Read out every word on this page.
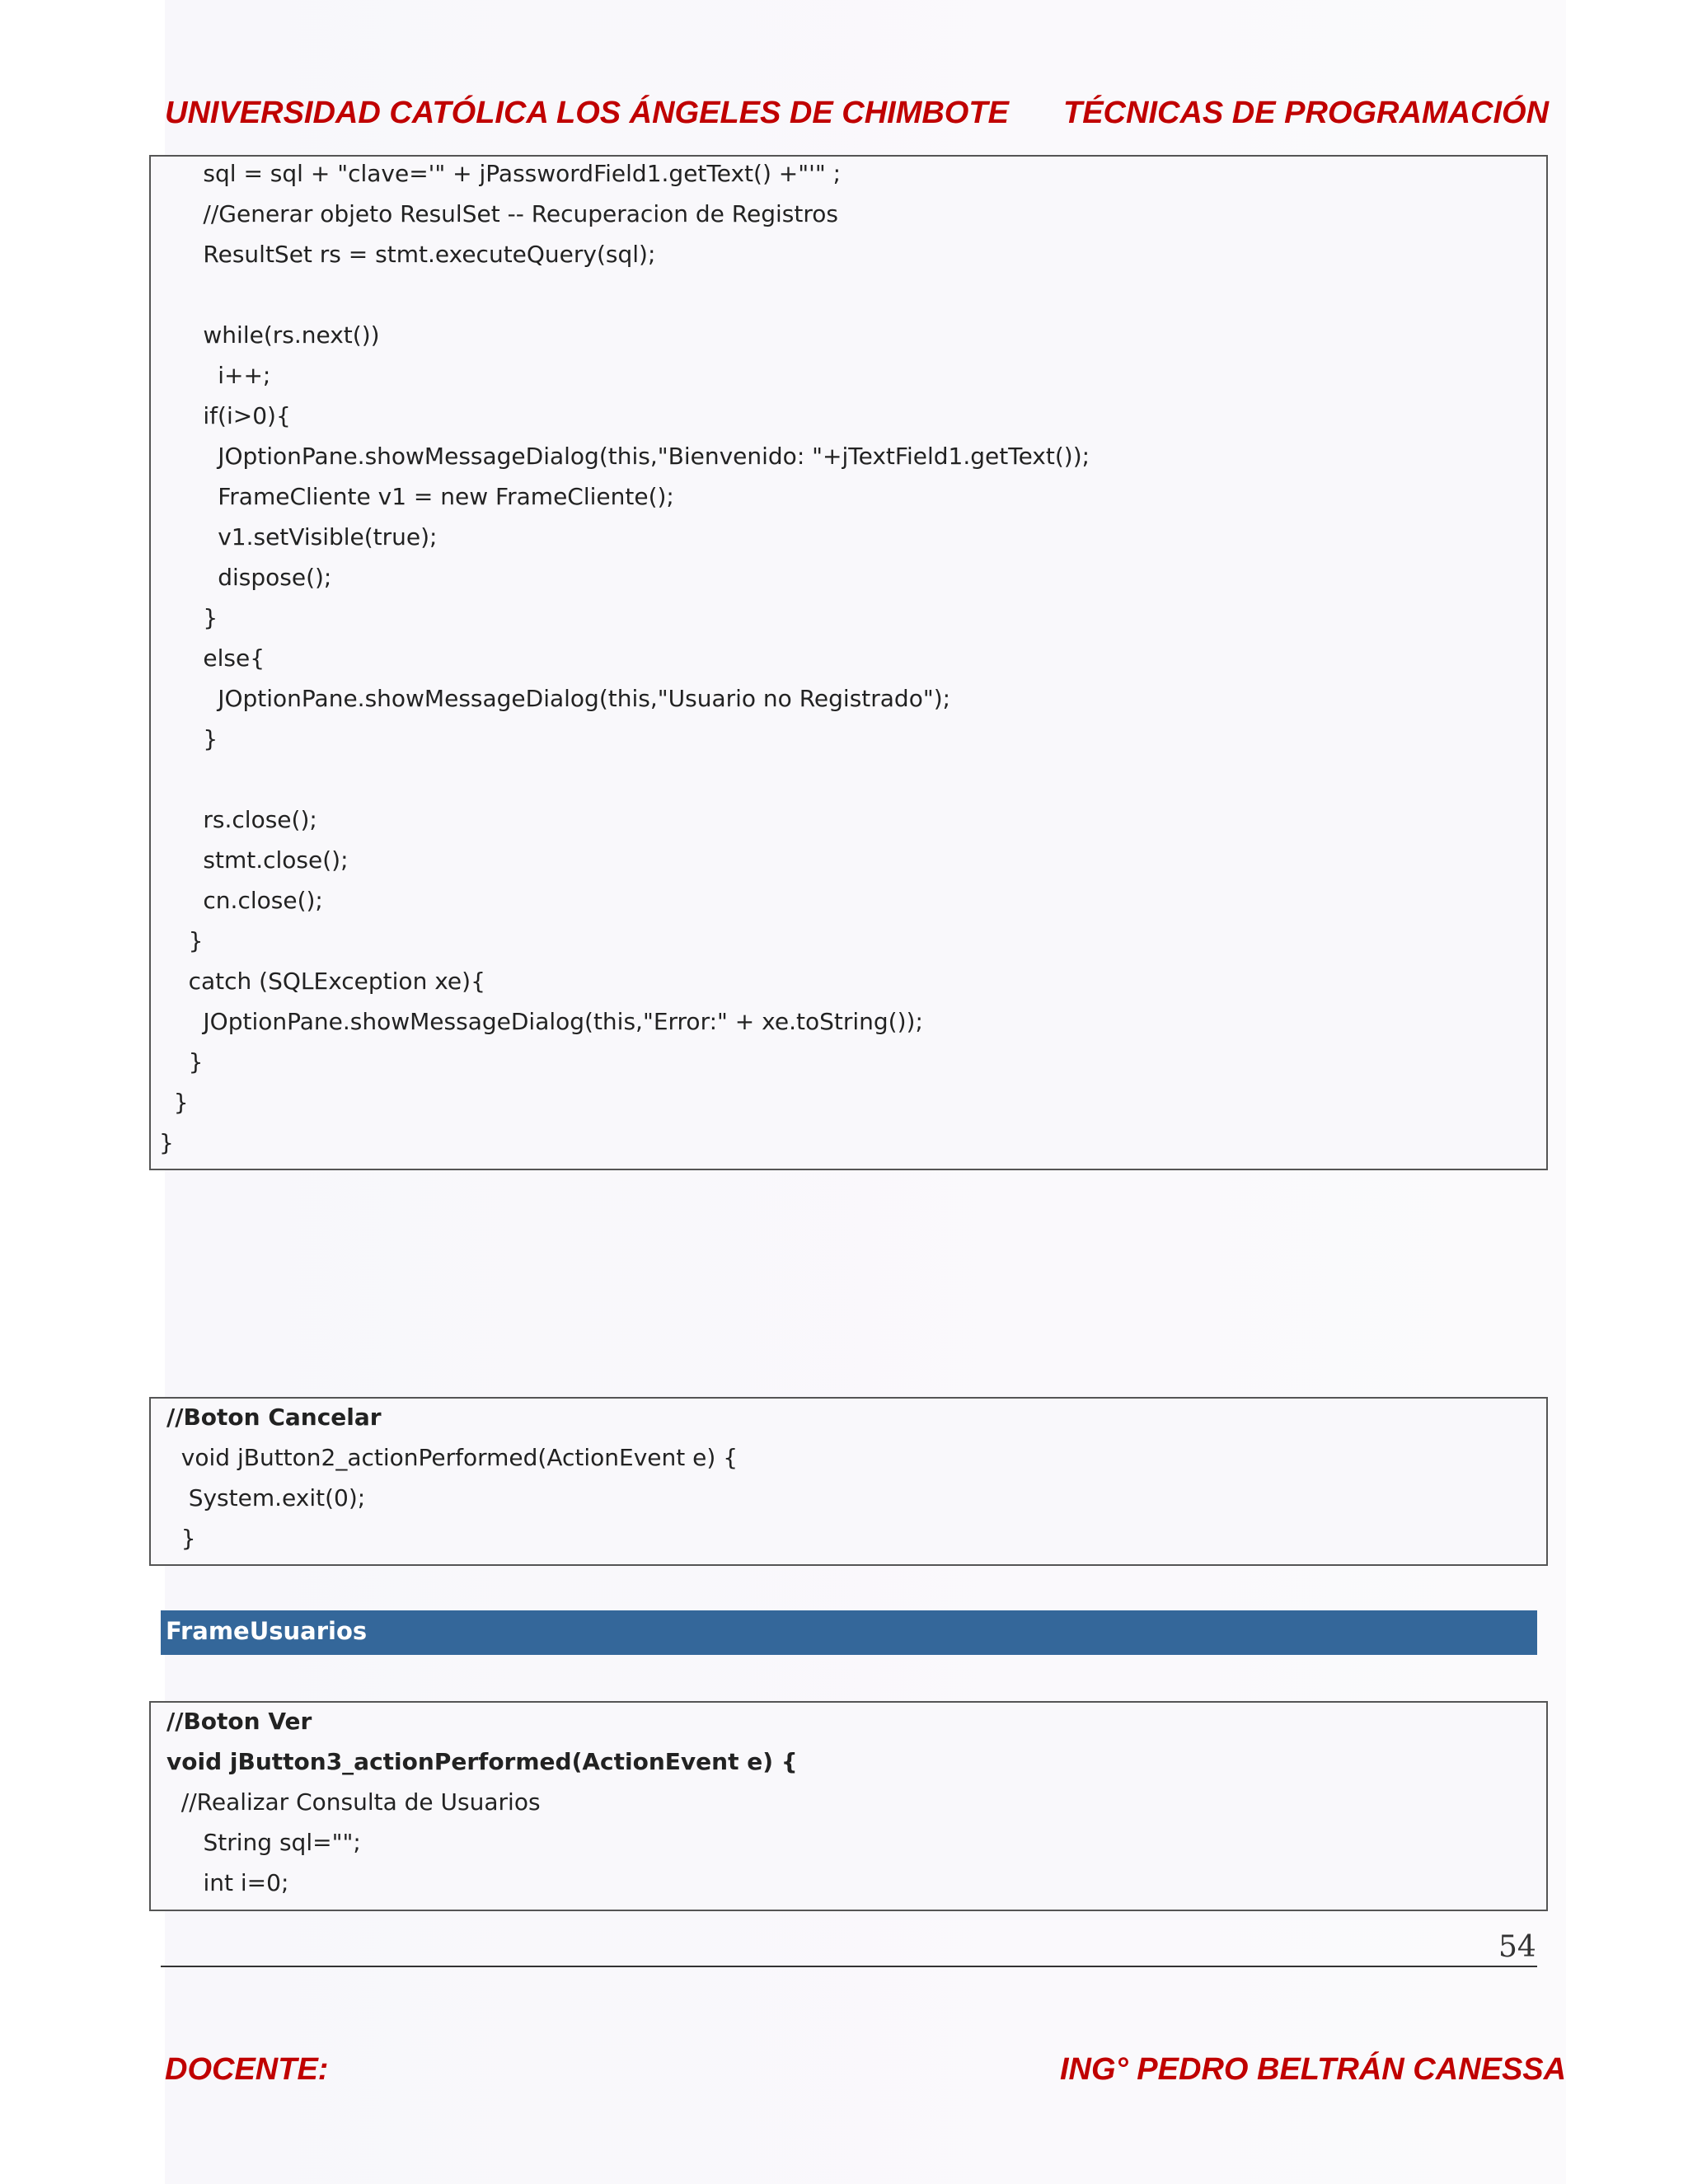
UNIVERSIDAD CATÓLICA LOS ÁNGELES DE CHIMBOTE TÉCNICAS DE PROGRAMACIÓN
sql = sql + "clave='" + jPasswordField1.getText() +"'" ;
//Generar objeto ResulSet -- Recuperacion de Registros
ResultSet rs = stmt.executeQuery(sql);
while(rs.next())
i++;
if(i>0){
JOptionPane.showMessageDialog(this,"Bienvenido: "+jTextField1.getText());
FrameCliente v1 = new FrameCliente();
v1.setVisible(true);
dispose();
}
else{
JOptionPane.showMessageDialog(this,"Usuario no Registrado");
}
rs.close();
stmt.close();
cn.close();
}
catch (SQLException xe){
JOptionPane.showMessageDialog(this,"Error:" + xe.toString());
}
}
}
//Boton Cancelar
void jButton2_actionPerformed(ActionEvent e) {
System.exit(0);
}
FrameUsuarios
//Boton Ver
void jButton3_actionPerformed(ActionEvent e) {
//Realizar Consulta de Usuarios
String sql="";
int i=0;
54
DOCENTE:	ING° PEDRO BELTRÁN CANESSA
